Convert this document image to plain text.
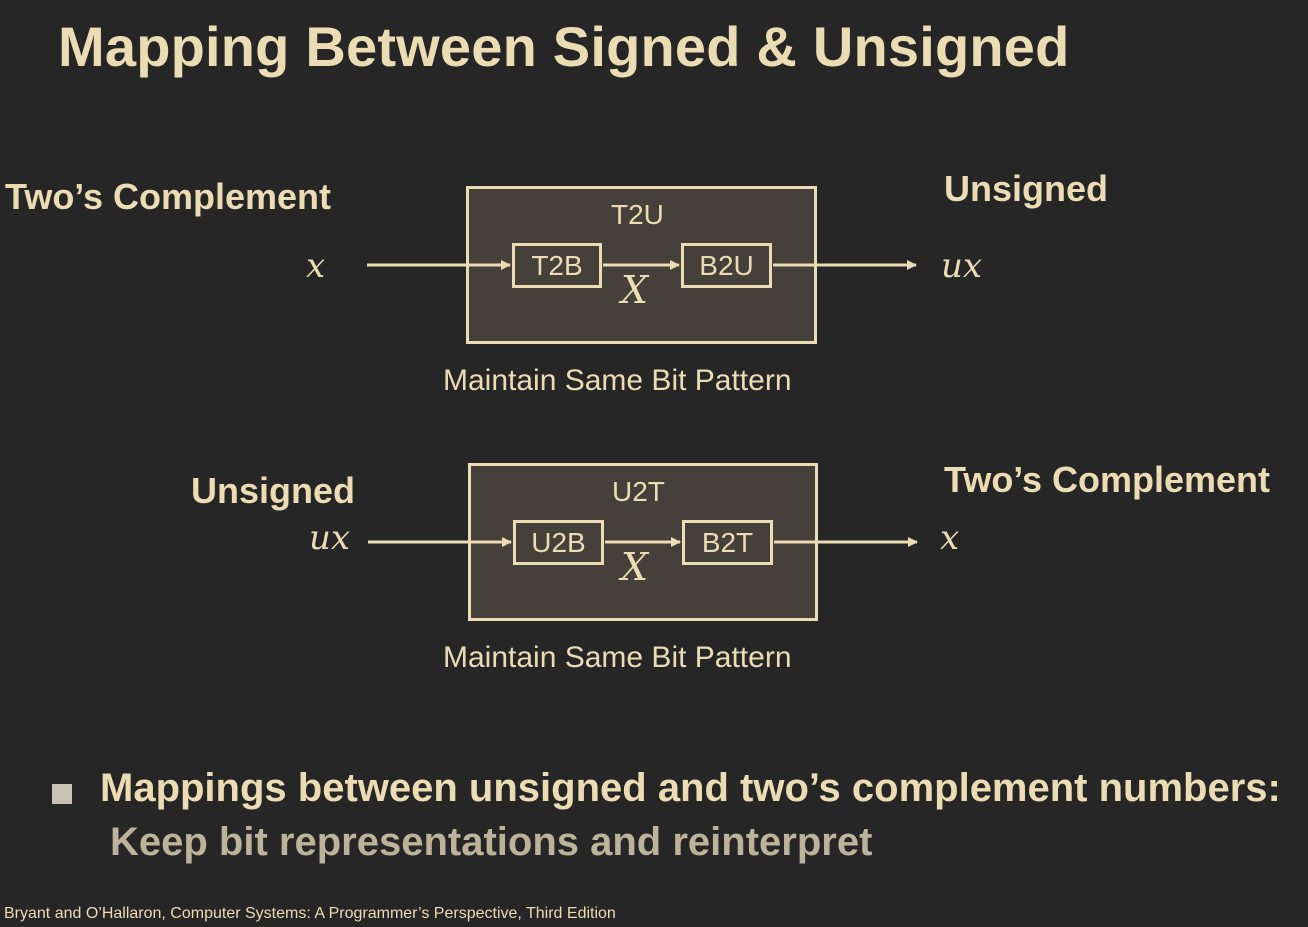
Mapping Between Signed & Unsigned
Two’s Complement
x
T2U
T2B	B2U
X
Unsigned
ux
Maintain Same Bit Pattern
Unsigned
ux
U2T
U2B	B2T
X
Two’s Complement
x
Maintain Same Bit Pattern
Mappings between unsigned and two’s complement numbers:
Keep bit representations and reinterpret
Bryant and O’Hallaron, Computer Systems: A Programmer’s Perspective, Third Edition
